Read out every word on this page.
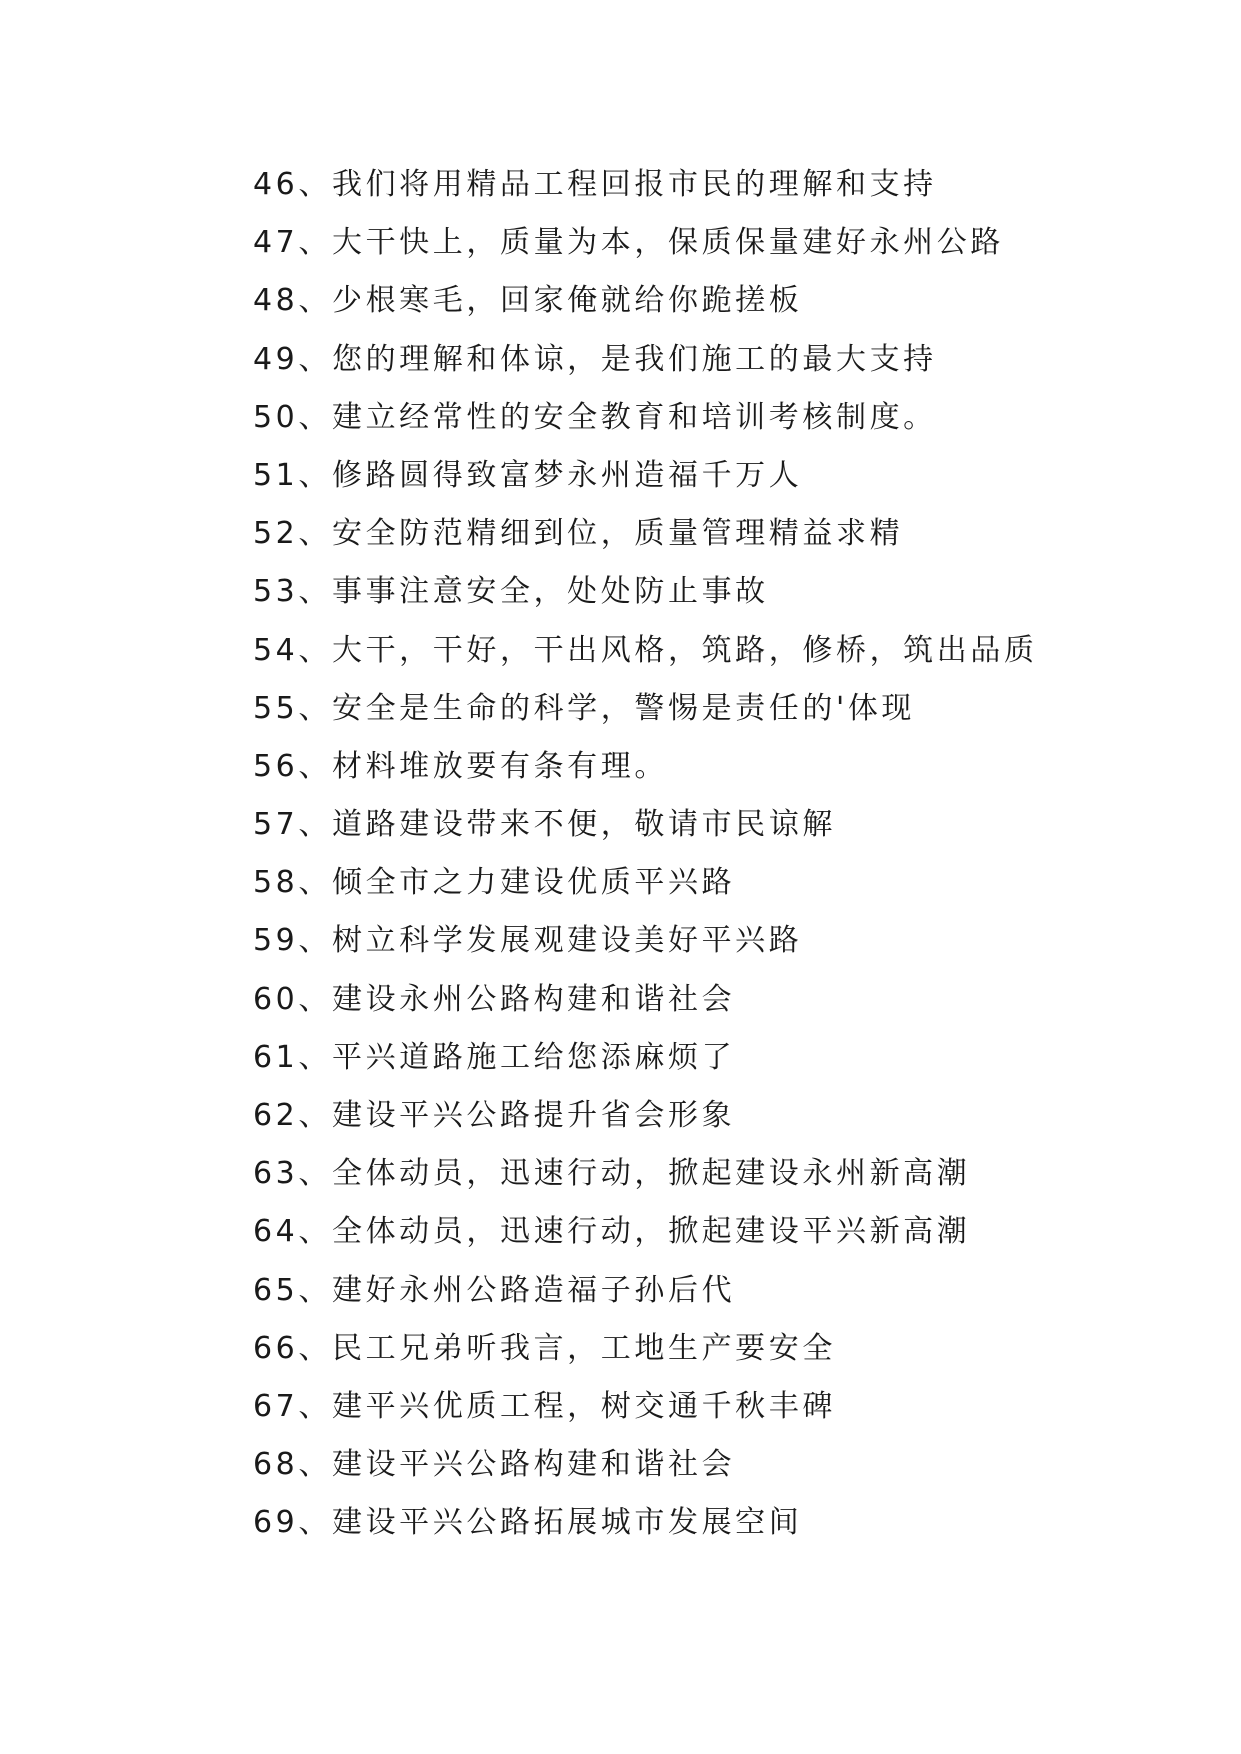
46、我们将用精品工程回报市民的理解和支持
47、大干快上，质量为本，保质保量建好永州公路
48、少根寒毛，回家俺就给你跪搓板
49、您的理解和体谅，是我们施工的最大支持
50、建立经常性的安全教育和培训考核制度。
51、修路圆得致富梦永州造福千万人
52、安全防范精细到位，质量管理精益求精
53、事事注意安全，处处防止事故
54、大干，干好，干出风格，筑路，修桥，筑出品质
55、安全是生命的科学，警惕是责任的'体现
56、材料堆放要有条有理。
57、道路建设带来不便，敬请市民谅解
58、倾全市之力建设优质平兴路
59、树立科学发展观建设美好平兴路
60、建设永州公路构建和谐社会
61、平兴道路施工给您添麻烦了
62、建设平兴公路提升省会形象
63、全体动员，迅速行动，掀起建设永州新高潮
64、全体动员，迅速行动，掀起建设平兴新高潮
65、建好永州公路造福子孙后代
66、民工兄弟听我言，工地生产要安全
67、建平兴优质工程，树交通千秋丰碑
68、建设平兴公路构建和谐社会
69、建设平兴公路拓展城市发展空间
